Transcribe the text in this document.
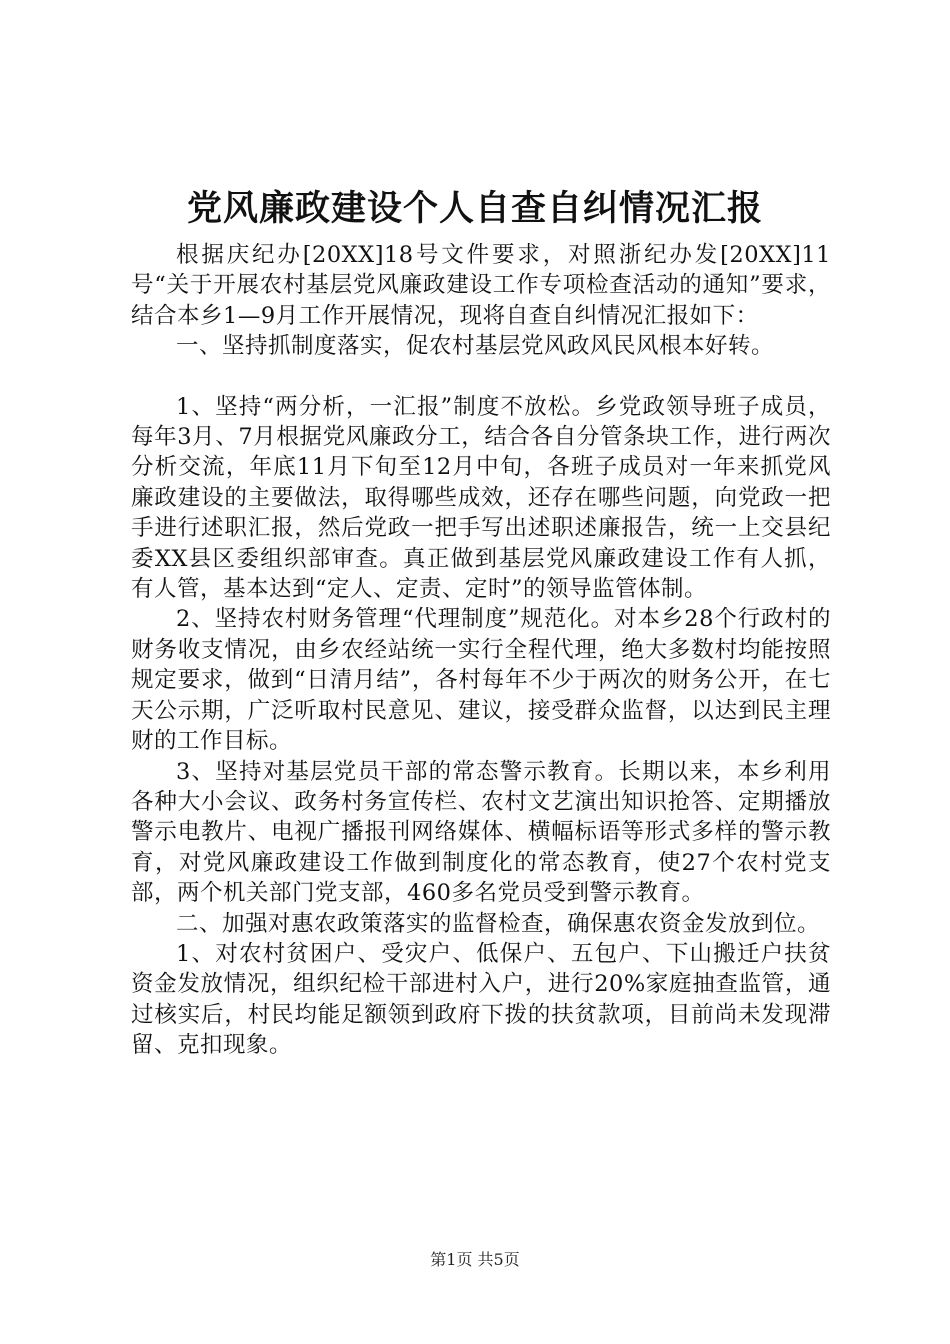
党风廉政建设个人自查自纠情况汇报

根据庆纪办[20XX]18号文件要求，对照浙纪办发[20XX]11号“关于开展农村基层党风廉政建设工作专项检查活动的通知”要求，结合本乡1—9月工作开展情况，现将自查自纠情况汇报如下：

一、坚持抓制度落实，促农村基层党风政风民风根本好转。

1、坚持“两分析，一汇报”制度不放松。乡党政领导班子成员，每年3月、7月根据党风廉政分工，结合各自分管条块工作，进行两次分析交流，年底11月下旬至12月中旬，各班子成员对一年来抓党风廉政建设的主要做法，取得哪些成效，还存在哪些问题，向党政一把手进行述职汇报，然后党政一把手写出述职述廉报告，统一上交县纪委XX县区委组织部审查。真正做到基层党风廉政建设工作有人抓，有人管，基本达到“定人、定责、定时”的领导监管体制。

2、坚持农村财务管理“代理制度”规范化。对本乡28个行政村的财务收支情况，由乡农经站统一实行全程代理，绝大多数村均能按照规定要求，做到“日清月结”，各村每年不少于两次的财务公开，在七天公示期，广泛听取村民意见、建议，接受群众监督，以达到民主理财的工作目标。

3、坚持对基层党员干部的常态警示教育。长期以来，本乡利用各种大小会议、政务村务宣传栏、农村文艺演出知识抢答、定期播放警示电教片、电视广播报刊网络媒体、横幅标语等形式多样的警示教育，对党风廉政建设工作做到制度化的常态教育，使27个农村党支部，两个机关部门党支部，460多名党员受到警示教育。

二、加强对惠农政策落实的监督检查，确保惠农资金发放到位。

1、对农村贫困户、受灾户、低保户、五包户、下山搬迁户扶贫资金发放情况，组织纪检干部进村入户，进行20%家庭抽查监管，通过核实后，村民均能足额领到政府下拨的扶贫款项，目前尚未发现滞留、克扣现象。

第1页 共5页
